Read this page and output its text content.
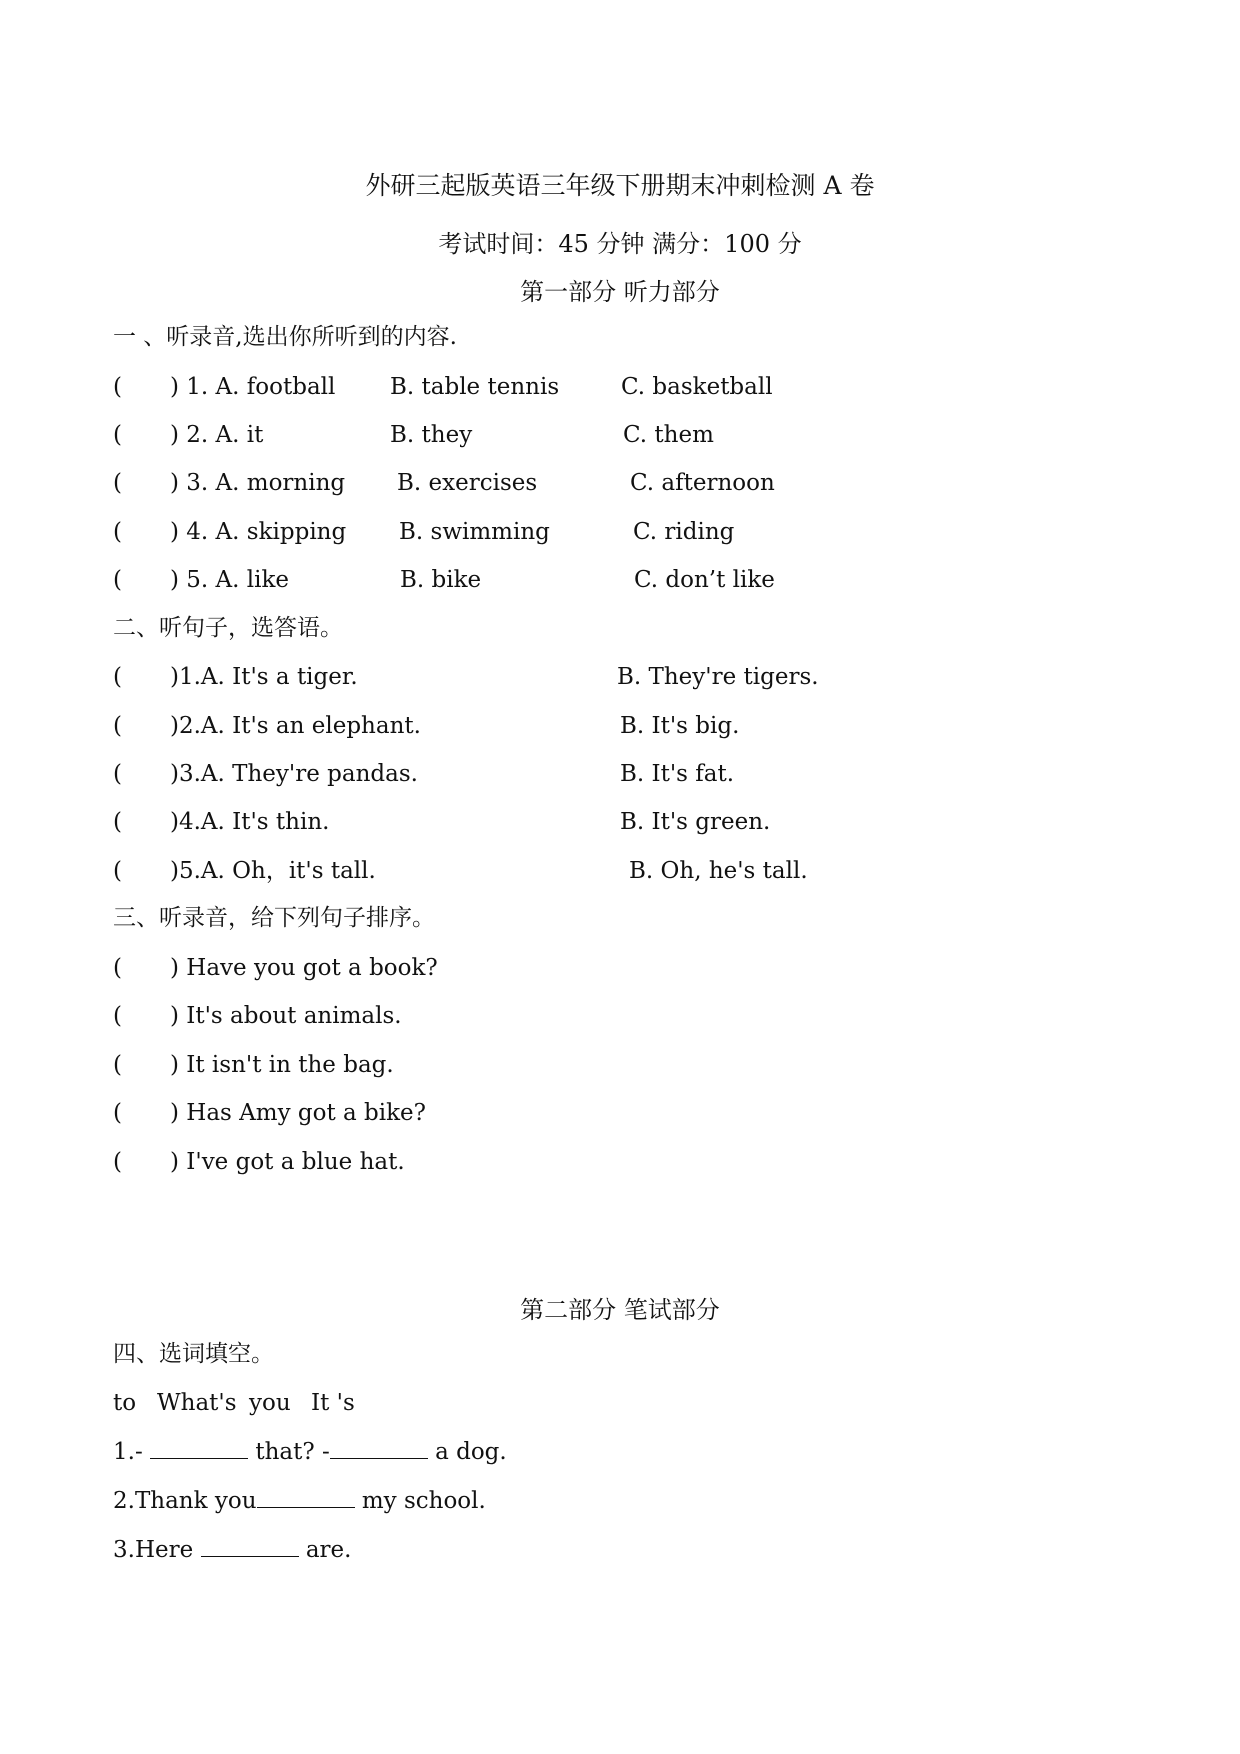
外研三起版英语三年级下册期末冲刺检测 A 卷
考试时间：45 分钟 满分：100 分
第一部分 听力部分
一 、听录音,选出你所听到的内容.
( ) 1. A. football B. table tennis	C. basketball
( ) 2. A. it	B. they	C. them
( ) 3. A. morning B. exercises	C. afternoon
( ) 4. A. skipping B. swimming	C. riding
( ) 5. A. like	B. bike	C. don’t like
二、听句子，选答语。
( )1.A. It's a tiger.	B. They're tigers.
( )2.A. It's an elephant.	B. It's big.
( )3.A. They're pandas.	B. It's fat.
( )4.A. It's thin.	B. It's green.
( )5.A. Oh，it's tall.	B. Oh, he's tall.
三、听录音，给下列句子排序。
( ) Have you got a book?
( ) It's about animals.
( ) It isn't in the bag.
( ) Has Amy got a bike?
( ) I've got a blue hat.
第二部分 笔试部分
四、选词填空。
to What's you It 's
1.-	that? -	a dog.
2.Thank you	my school.
3.Here	are.
